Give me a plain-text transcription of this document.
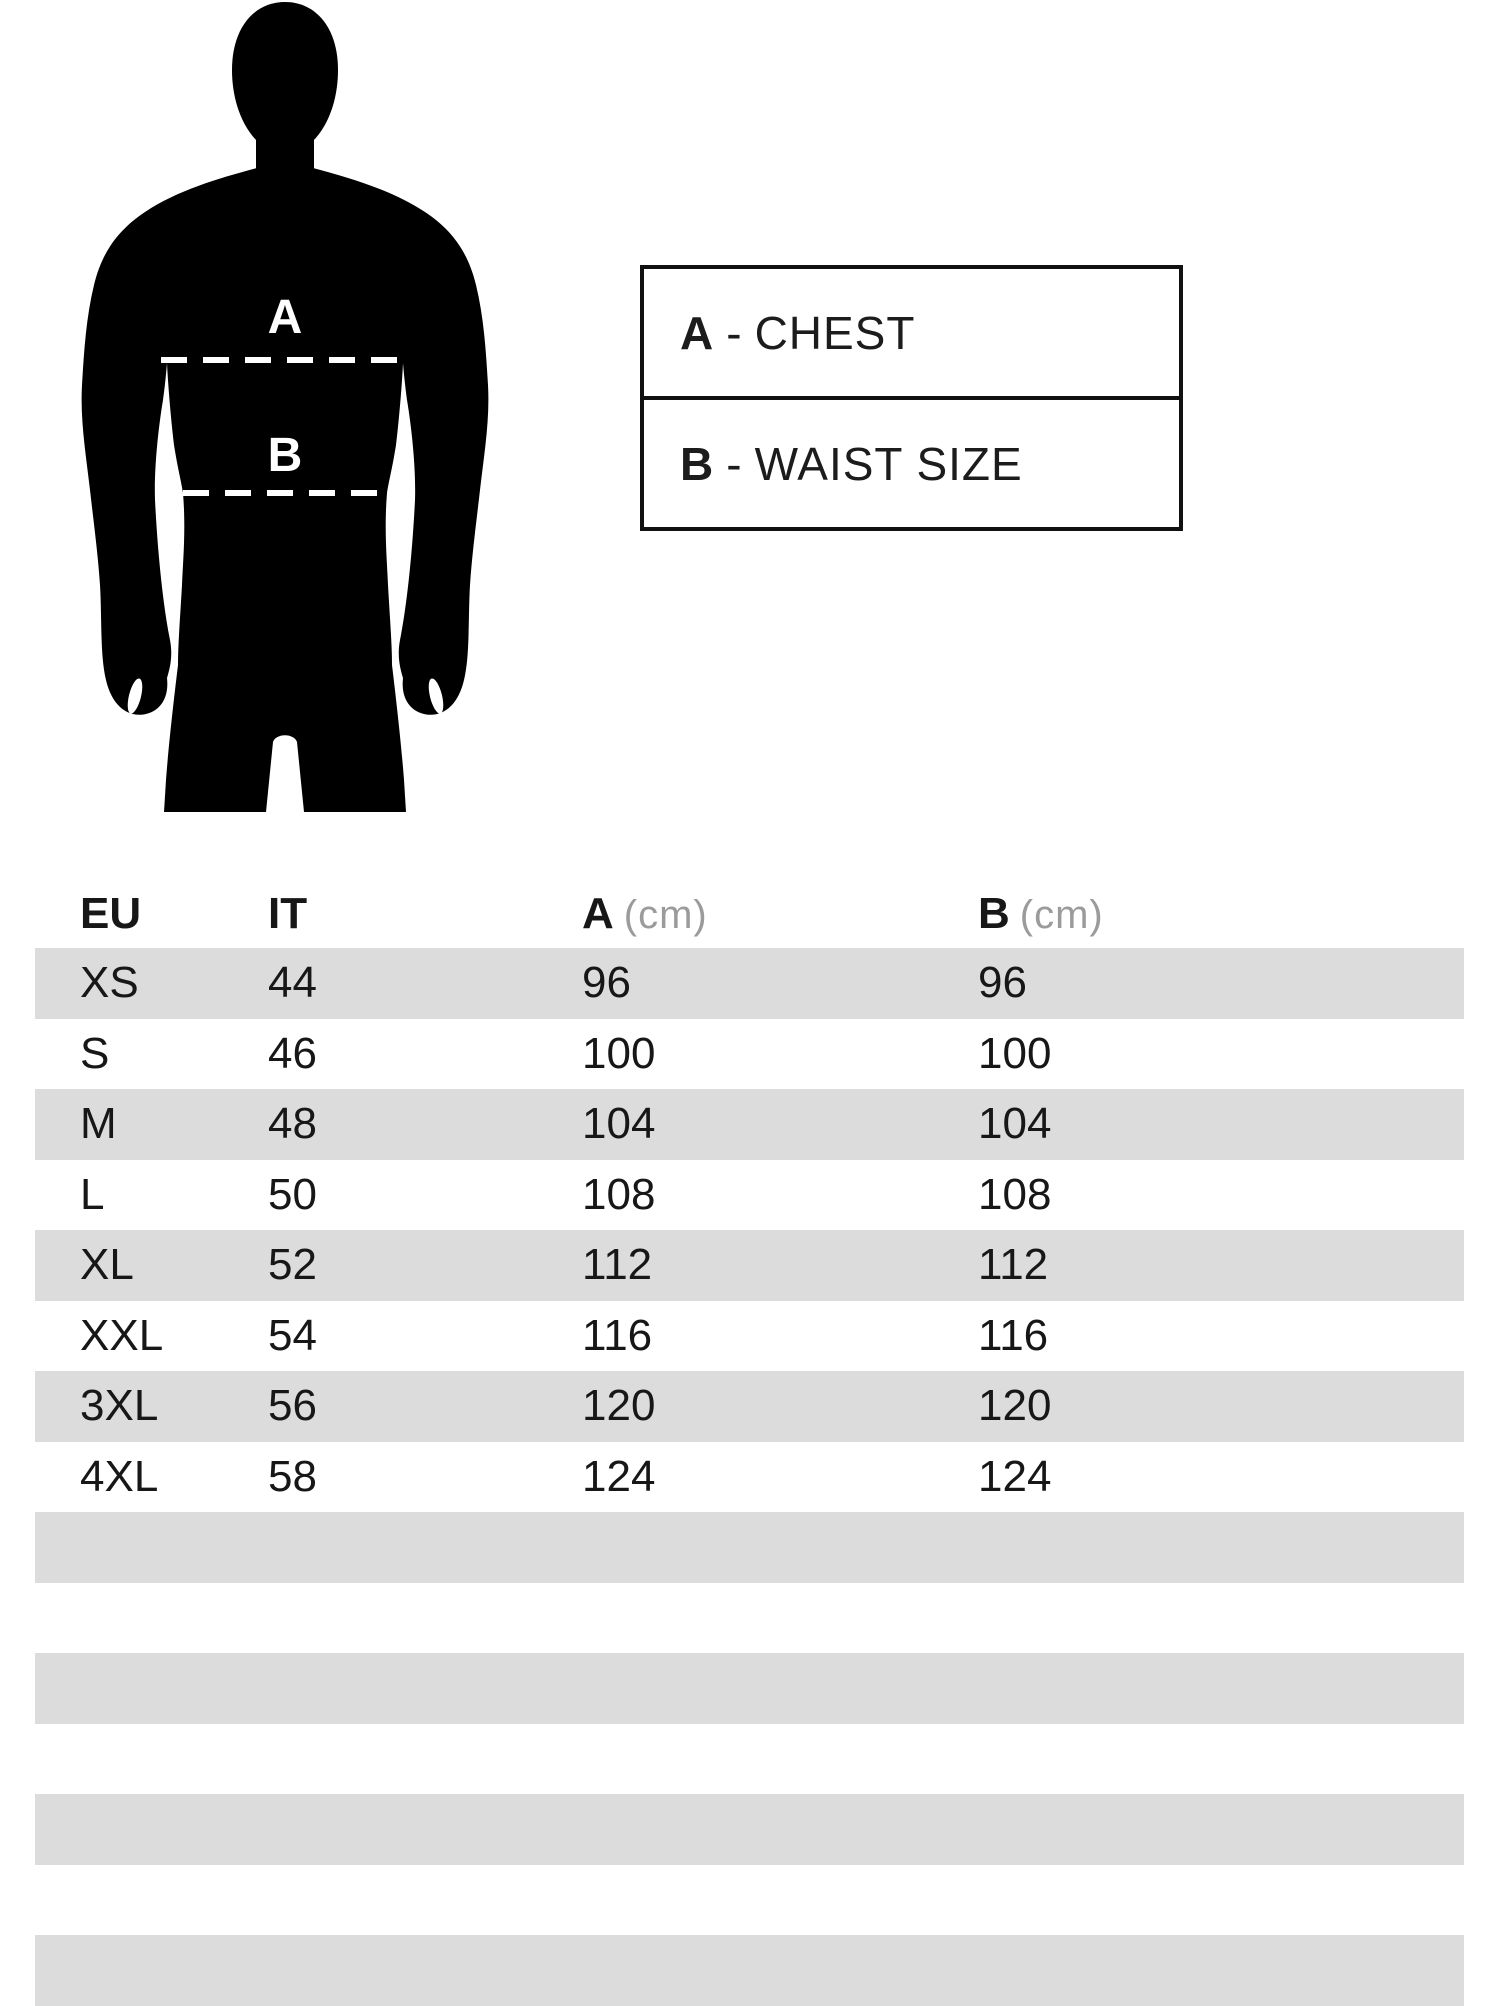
A
B
A - CHEST
B - WAIST SIZE
EU	IT	A (cm)	B (cm)
XS	44	96	96
S	46	100	100
M	48	104	104
L	50	108	108
XL	52	112	112
XXL 54	116	116
3XL 56	120	120
4XL 58	124	124
